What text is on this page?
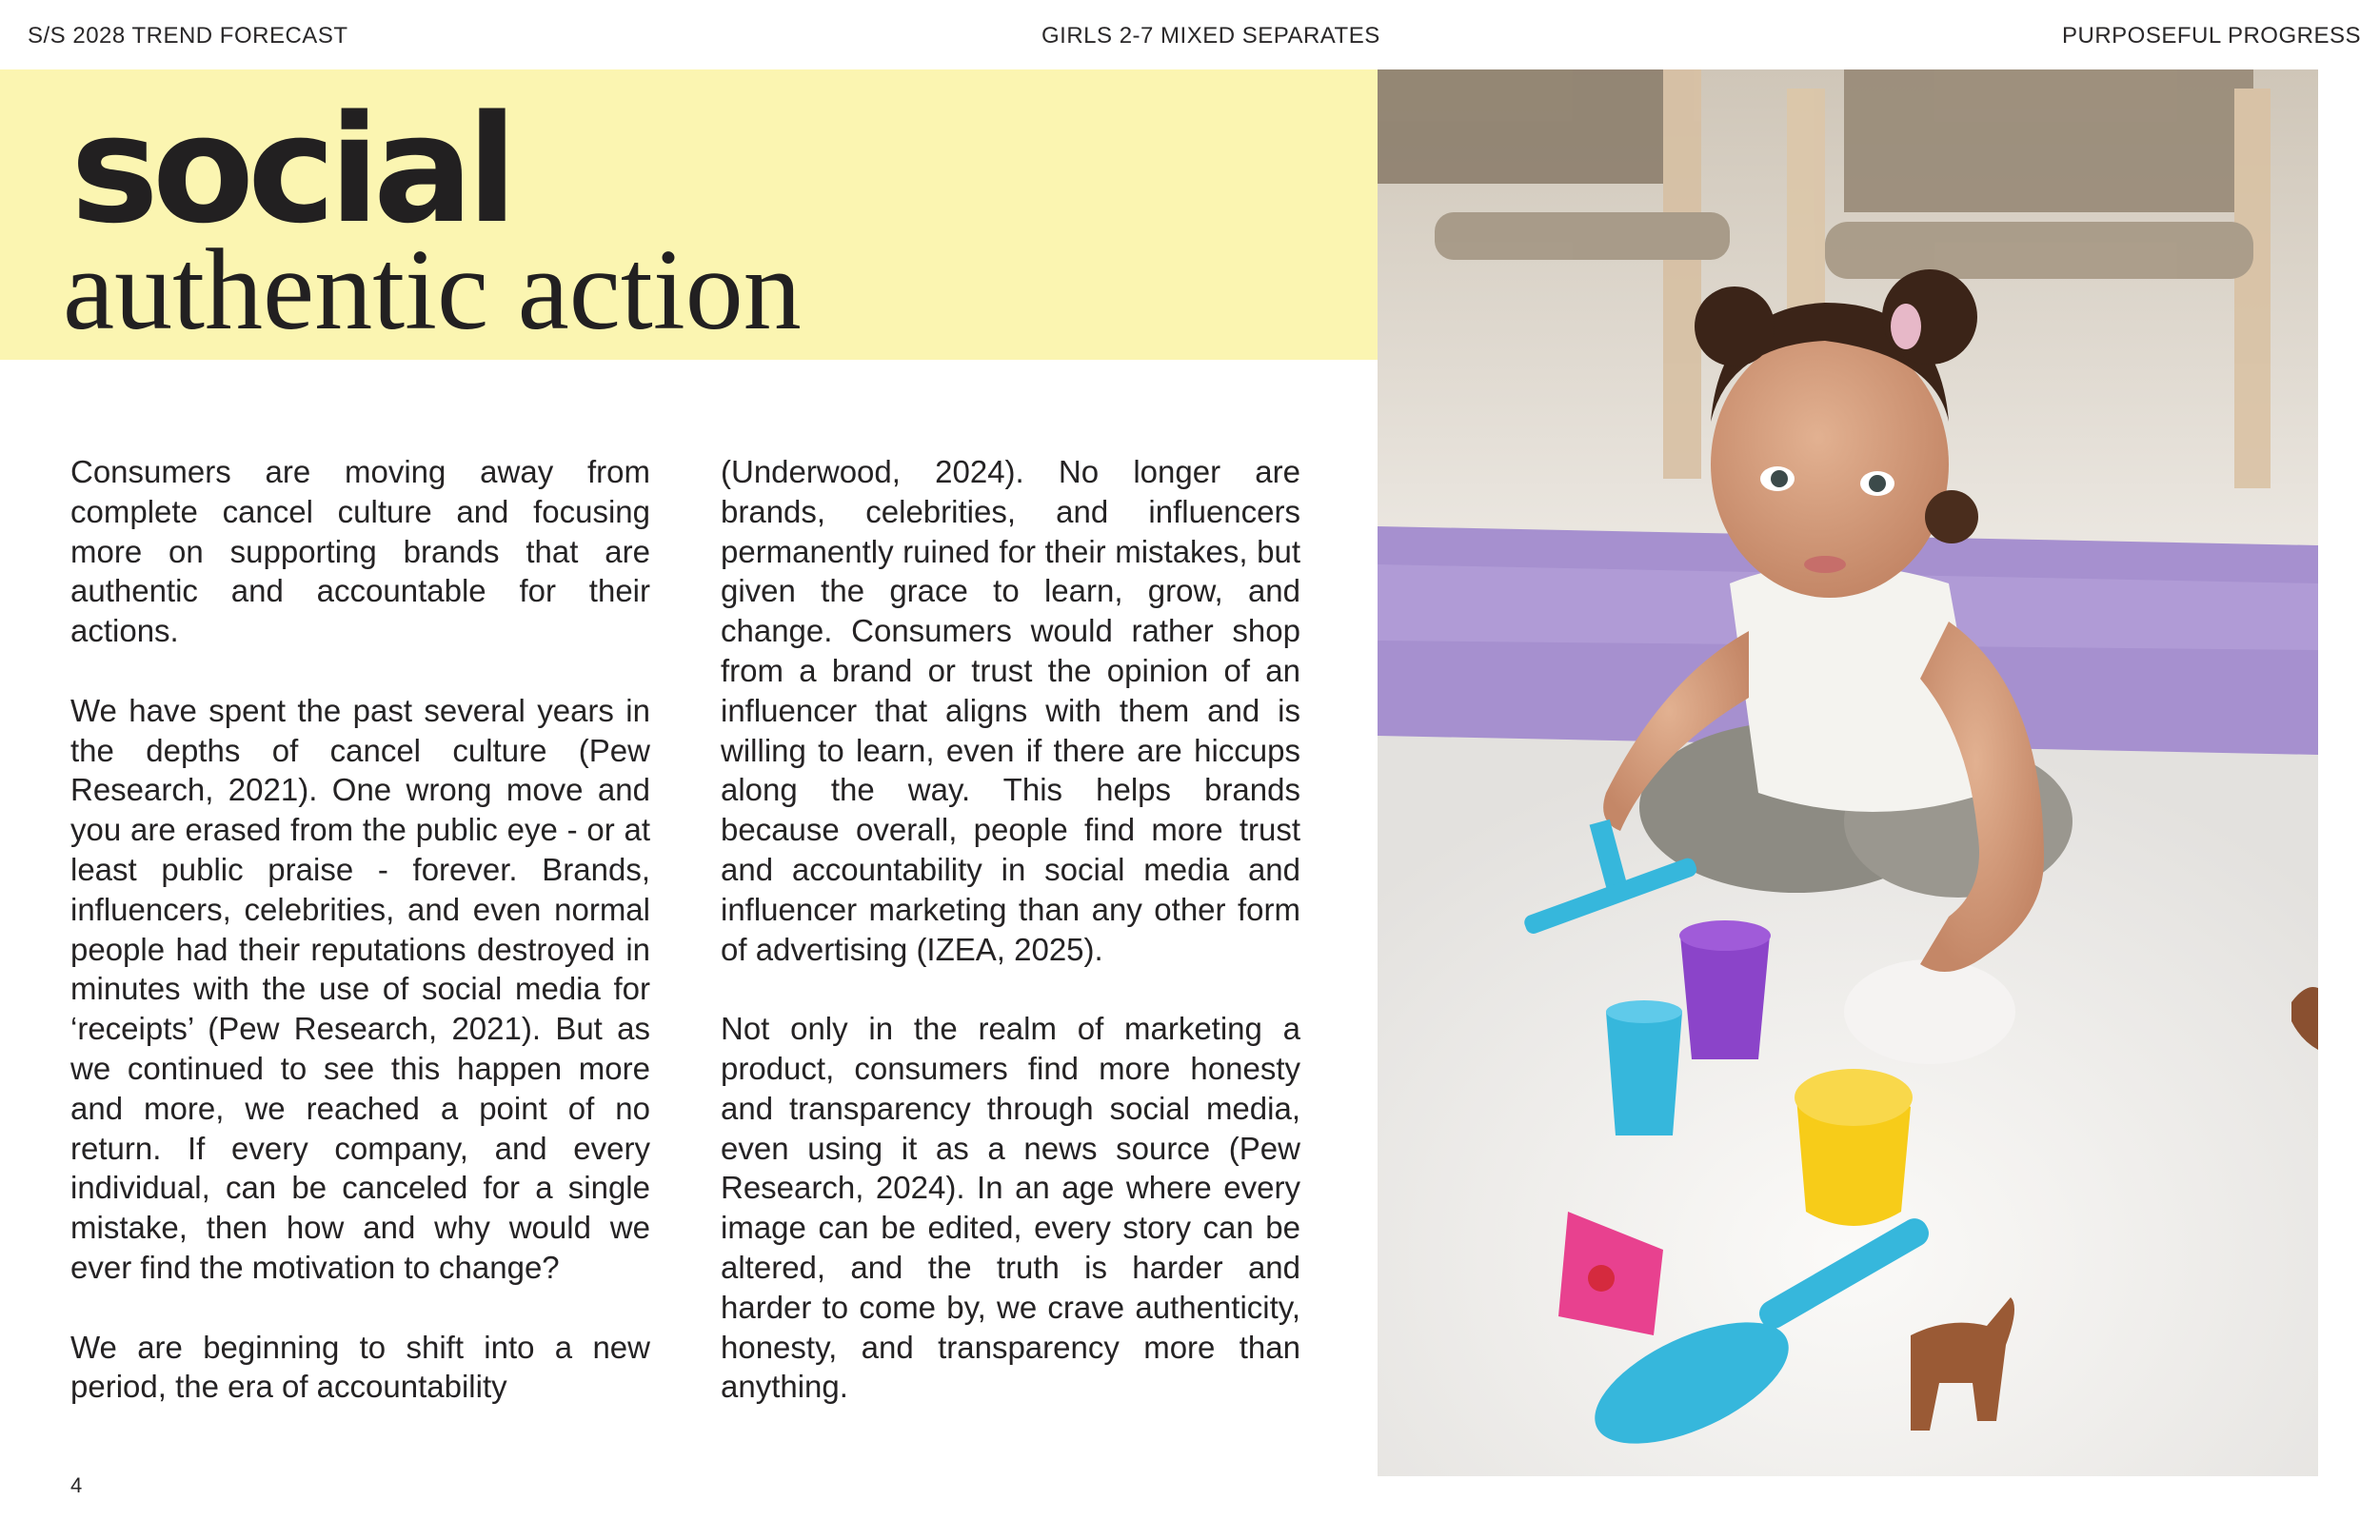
S/S 2028 TREND FORECAST	GIRLS 2-7 MIXED SEPARATES	PURPOSEFUL PROGRESS
social
authentic action

Consumers are moving away from complete cancel culture and focusing more on supporting brands that are authentic and accountable for their actions.

We have spent the past several years in the depths of cancel culture (Pew Research, 2021). One wrong move and you are erased from the public eye - or at least public praise - forever. Brands, influencers, celebrities, and even normal people had their reputations destroyed in minutes with the use of social media for ‘receipts’ (Pew Research, 2021). But as we continued to see this happen more and more, we reached a point of no return. If every company, and every individual, can be canceled for a single mistake, then how and why would we ever find the motivation to change?

We are beginning to shift into a new period, the era of accountability

(Underwood, 2024). No longer are brands, celebrities, and influencers permanently ruined for their mistakes, but given the grace to learn, grow, and change. Consumers would rather shop from a brand or trust the opinion of an influencer that aligns with them and is willing to learn, even if there are hiccups along the way. This helps brands because overall, people find more trust and accountability in social media and influencer marketing than any other form of advertising (IZEA, 2025).

Not only in the realm of marketing a product, consumers find more honesty and transparency through social media, even using it as a news source (Pew Research, 2024). In an age where every image can be edited, every story can be altered, and the truth is harder and harder to come by, we crave authenticity, honesty, and transparency more than anything.

4
